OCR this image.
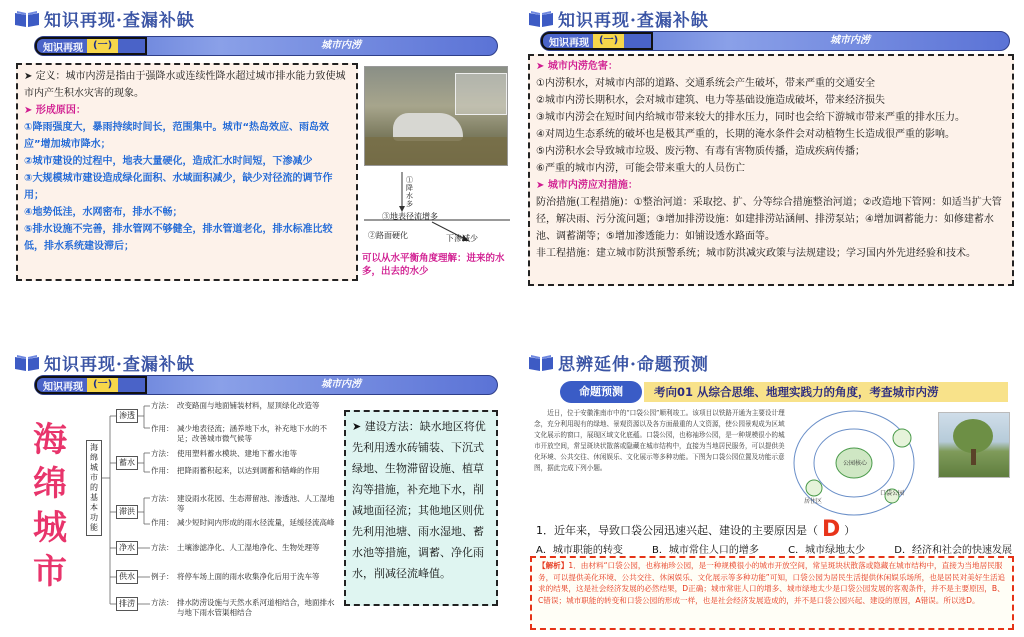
知识再现·查漏补缺
知识再现	(一)	城市内涝
➤ 定义：城市内涝是指由于强降水或连续性降水超过城市排水能力致使城市内产生积水灾害的现象。
➤ 形成原因：
①降雨强度大，暴雨持续时间长，范围集中。城市“热岛效应、雨岛效应”增加城市降水；
②城市建设的过程中，地表大量硬化，造成汇水时间短，下渗减少
③大规模城市建设造成绿化面积、水域面积减少，缺少对径流的调节作用；
④地势低洼，水网密布，排水不畅；
⑤排水设施不完善，排水管网不够健全，排水管道老化，排水标准比较低，排水系统建设滞后；
①降水多
③地表径流增多
②路面硬化	下渗减少
可以从水平衡角度理解：进来的水多，出去的水少
知识再现·查漏补缺
知识再现	(一)	城市内涝
➤ 城市内涝危害：
①内涝积水，对城市内部的道路、交通系统会产生破坏，带来严重的交通安全
②城市内涝长期积水，会对城市建筑、电力等基础设施造成破坏，带来经济损失
③城市内涝会在短时间内给城市带来较大的排水压力，同时也会给下游城市带来严重的排水压力。
④对周边生态系统的破坏也是极其严重的，长期的淹水条件会对动植物生长造成很严重的影响。
⑤内涝积水会导致城市垃圾、废污物、有毒有害物质传播，造成疾病传播；
⑥严重的城市内涝，可能会带来重大的人员伤亡
➤ 城市内涝应对措施：
防治措施(工程措施)：①整治河道：采取挖、扩、分等综合措施整治河道；②改造地下管网：如适当扩大管径，解决雨、污分流问题；③增加排涝设施：如建排涝站涵闸、排涝泵站；④增加调蓄能力：如修建蓄水池、调蓄湖等；⑤增加渗透能力：如铺设透水路面等。
非工程措施：建立城市防洪预警系统；城市防洪减灾政策与法规建设；学习国内外先进经验和技术。
知识再现·查漏补缺
知识再现	(一)	城市内涝
海
绵
城
市
海绵城市的基本功能
渗透
蓄水
滞洪
净水
供水
排涝
方法： 改变路面与地面铺装材料，屋顶绿化改造等
作用： 减少地表径流；涵养地下水，补充地下水的不足；改善城市微气候等
方法： 使用塑料蓄水模块、建地下蓄水池等
作用： 把降雨蓄积起来，以达到调蓄和错峰的作用
方法： 建设雨水花园、生态滞留池、渗透池、人工湿地等
作用： 减少短时间内形成的雨水径流量，延缓径流高峰
方法： 土壤渗滤净化、人工湿地净化、生物处理等
例子： 将停车场上面的雨水收集净化后用于洗车等
方法： 排水防涝设施与天然水系河道相结合，地面排水与地下雨水管渠相结合
➤ 建设方法：缺水地区将优先利用透水砖铺装、下沉式绿地、生物滞留设施、植草沟等措施，补充地下水，削减地面径流；其他地区则优先利用池塘、雨水湿地、蓄水池等措施，调蓄、净化雨水，削减径流峰值。
思辨延伸·命题预测
命题预测	考向01 从综合思维、地理实践力的角度，考查城市内涝
近日，位于安徽淮南市中的“口袋公园”顺利竣工。该项目以铁路开通为主要设计理念，充分利用现有的绿地、景观资源以及各方面最重的人文资源，使公园景观成为区域文化展示的窗口，展现区域文化底蕴。口袋公园，也称袖珍公园，是一种规模很小的城市开放空间，常呈斑块状散落或隐藏在城市结构中，直接为当地居民服务，可以提供美化环境、公共交往、休闲娱乐、文化展示等多种功能。下图为口袋公园位置及功能示意图，据此完成下列小题。
公园核心
口袋公园
居住区
1．近年来，导致口袋公园迅速兴起、建设的主要原因是（ D ）
A．城市职能的转变	B．城市常住人口的增多	C．城市绿地太少	D．经济和社会的快速发展
【解析】1．由材料“口袋公园，也称袖珍公园，是一种规模很小的城市开放空间，常呈斑块状散落或隐藏在城市结构中，直接为当地居民服务，可以提供美化环境、公共交往、休闲娱乐、文化展示等多种功能”可知，口袋公园为居民生活提供休闲娱乐场所，也是居民对美好生活追求的结果，这是社会经济发展的必然结果，D正确；城市常驻人口的增多、城市绿地太少是口袋公园发展的客观条件，并不是主要原因，B、C错误；城市职能的转变和口袋公园的形成一样，也是社会经济发展造成的，并不是口袋公园兴起、建设的原因，A错误。所以选D。
